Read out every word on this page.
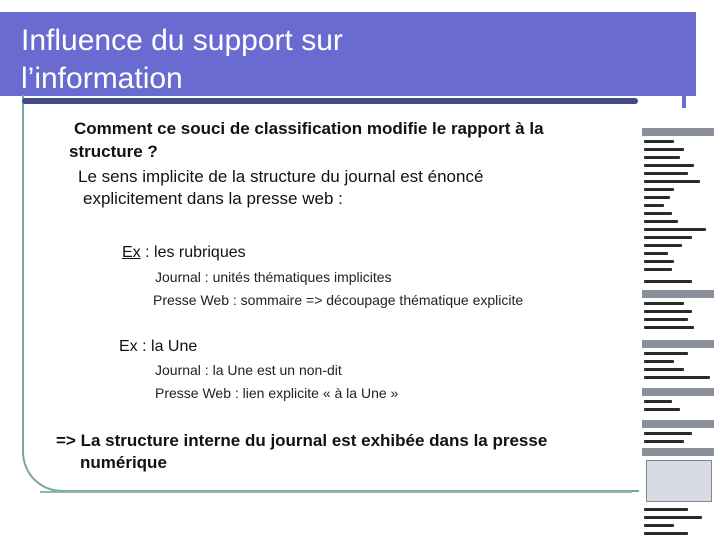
Influence du support sur
l’information
Comment ce souci de classification modifie le rapport à la
structure ?
Le sens implicite de la structure du journal est énoncé
explicitement dans la presse web :
Ex : les rubriques
Journal : unités thématiques implicites
Presse Web : sommaire => découpage thématique explicite
Ex : la Une
Journal : la Une est un non-dit
Presse Web : lien explicite « à la Une »
=> La structure interne du journal est exhibée dans la presse
numérique
